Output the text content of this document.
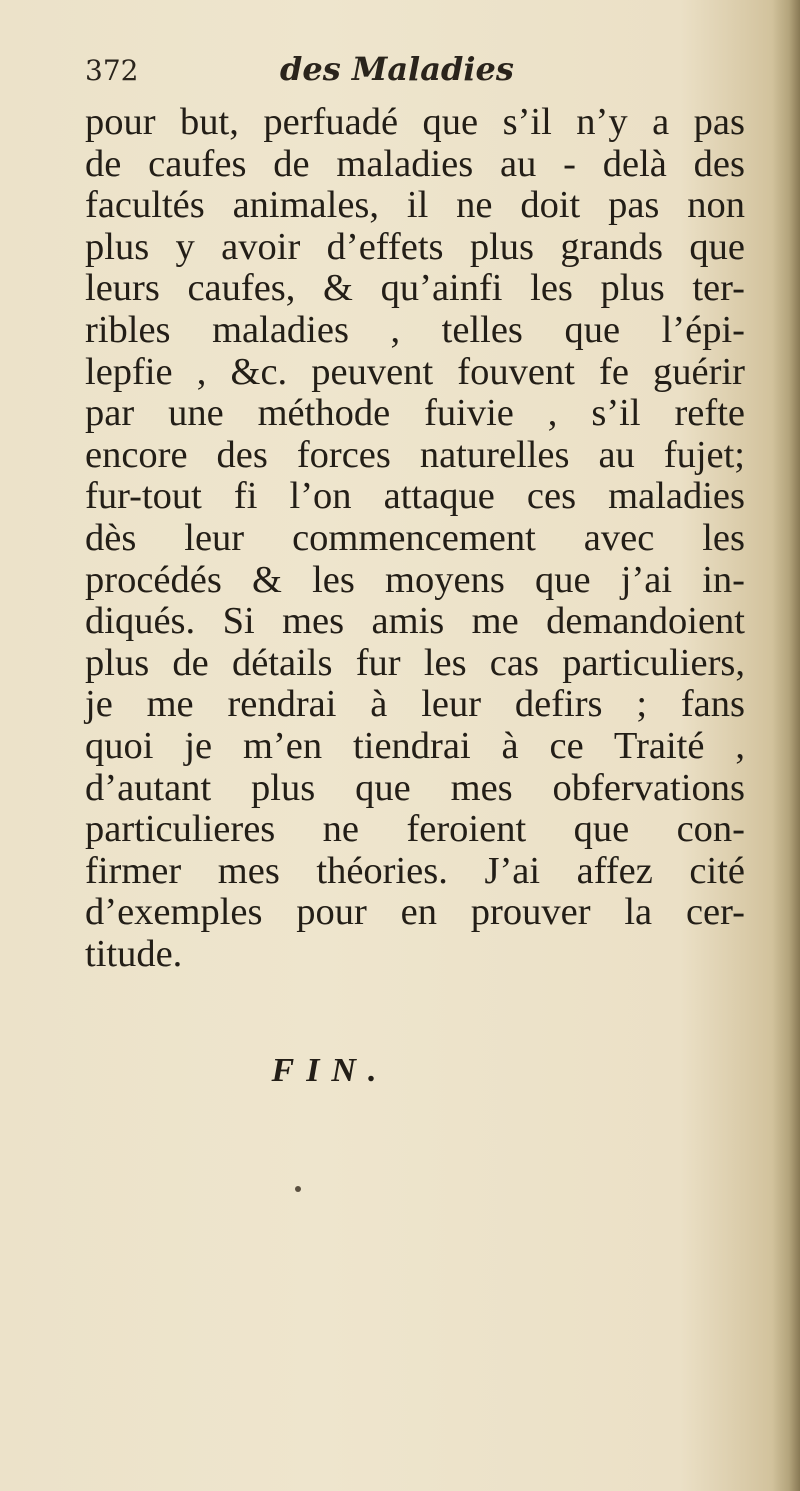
372	des Maladies
pour but, perfuadé que s’il n’y a pas
de caufes de maladies au - delà des
facultés animales, il ne doit pas non
plus y avoir d’effets plus grands que
leurs caufes, & qu’ainfi les plus ter-
ribles maladies , telles que l’épi-
lepfie , &c. peuvent fouvent fe guérir
par une méthode fuivie , s’il refte
encore des forces naturelles au fujet;
fur-tout fi l’on attaque ces maladies
dès leur commencement avec les
procédés & les moyens que j’ai in-
diqués. Si mes amis me demandoient
plus de détails fur les cas particuliers,
je me rendrai à leur defirs ; fans
quoi je m’en tiendrai à ce Traité ,
d’autant plus que mes obfervations
particulieres ne feroient que con-
firmer mes théories. J’ai affez cité
d’exemples pour en prouver la cer-
titude.
FIN.
